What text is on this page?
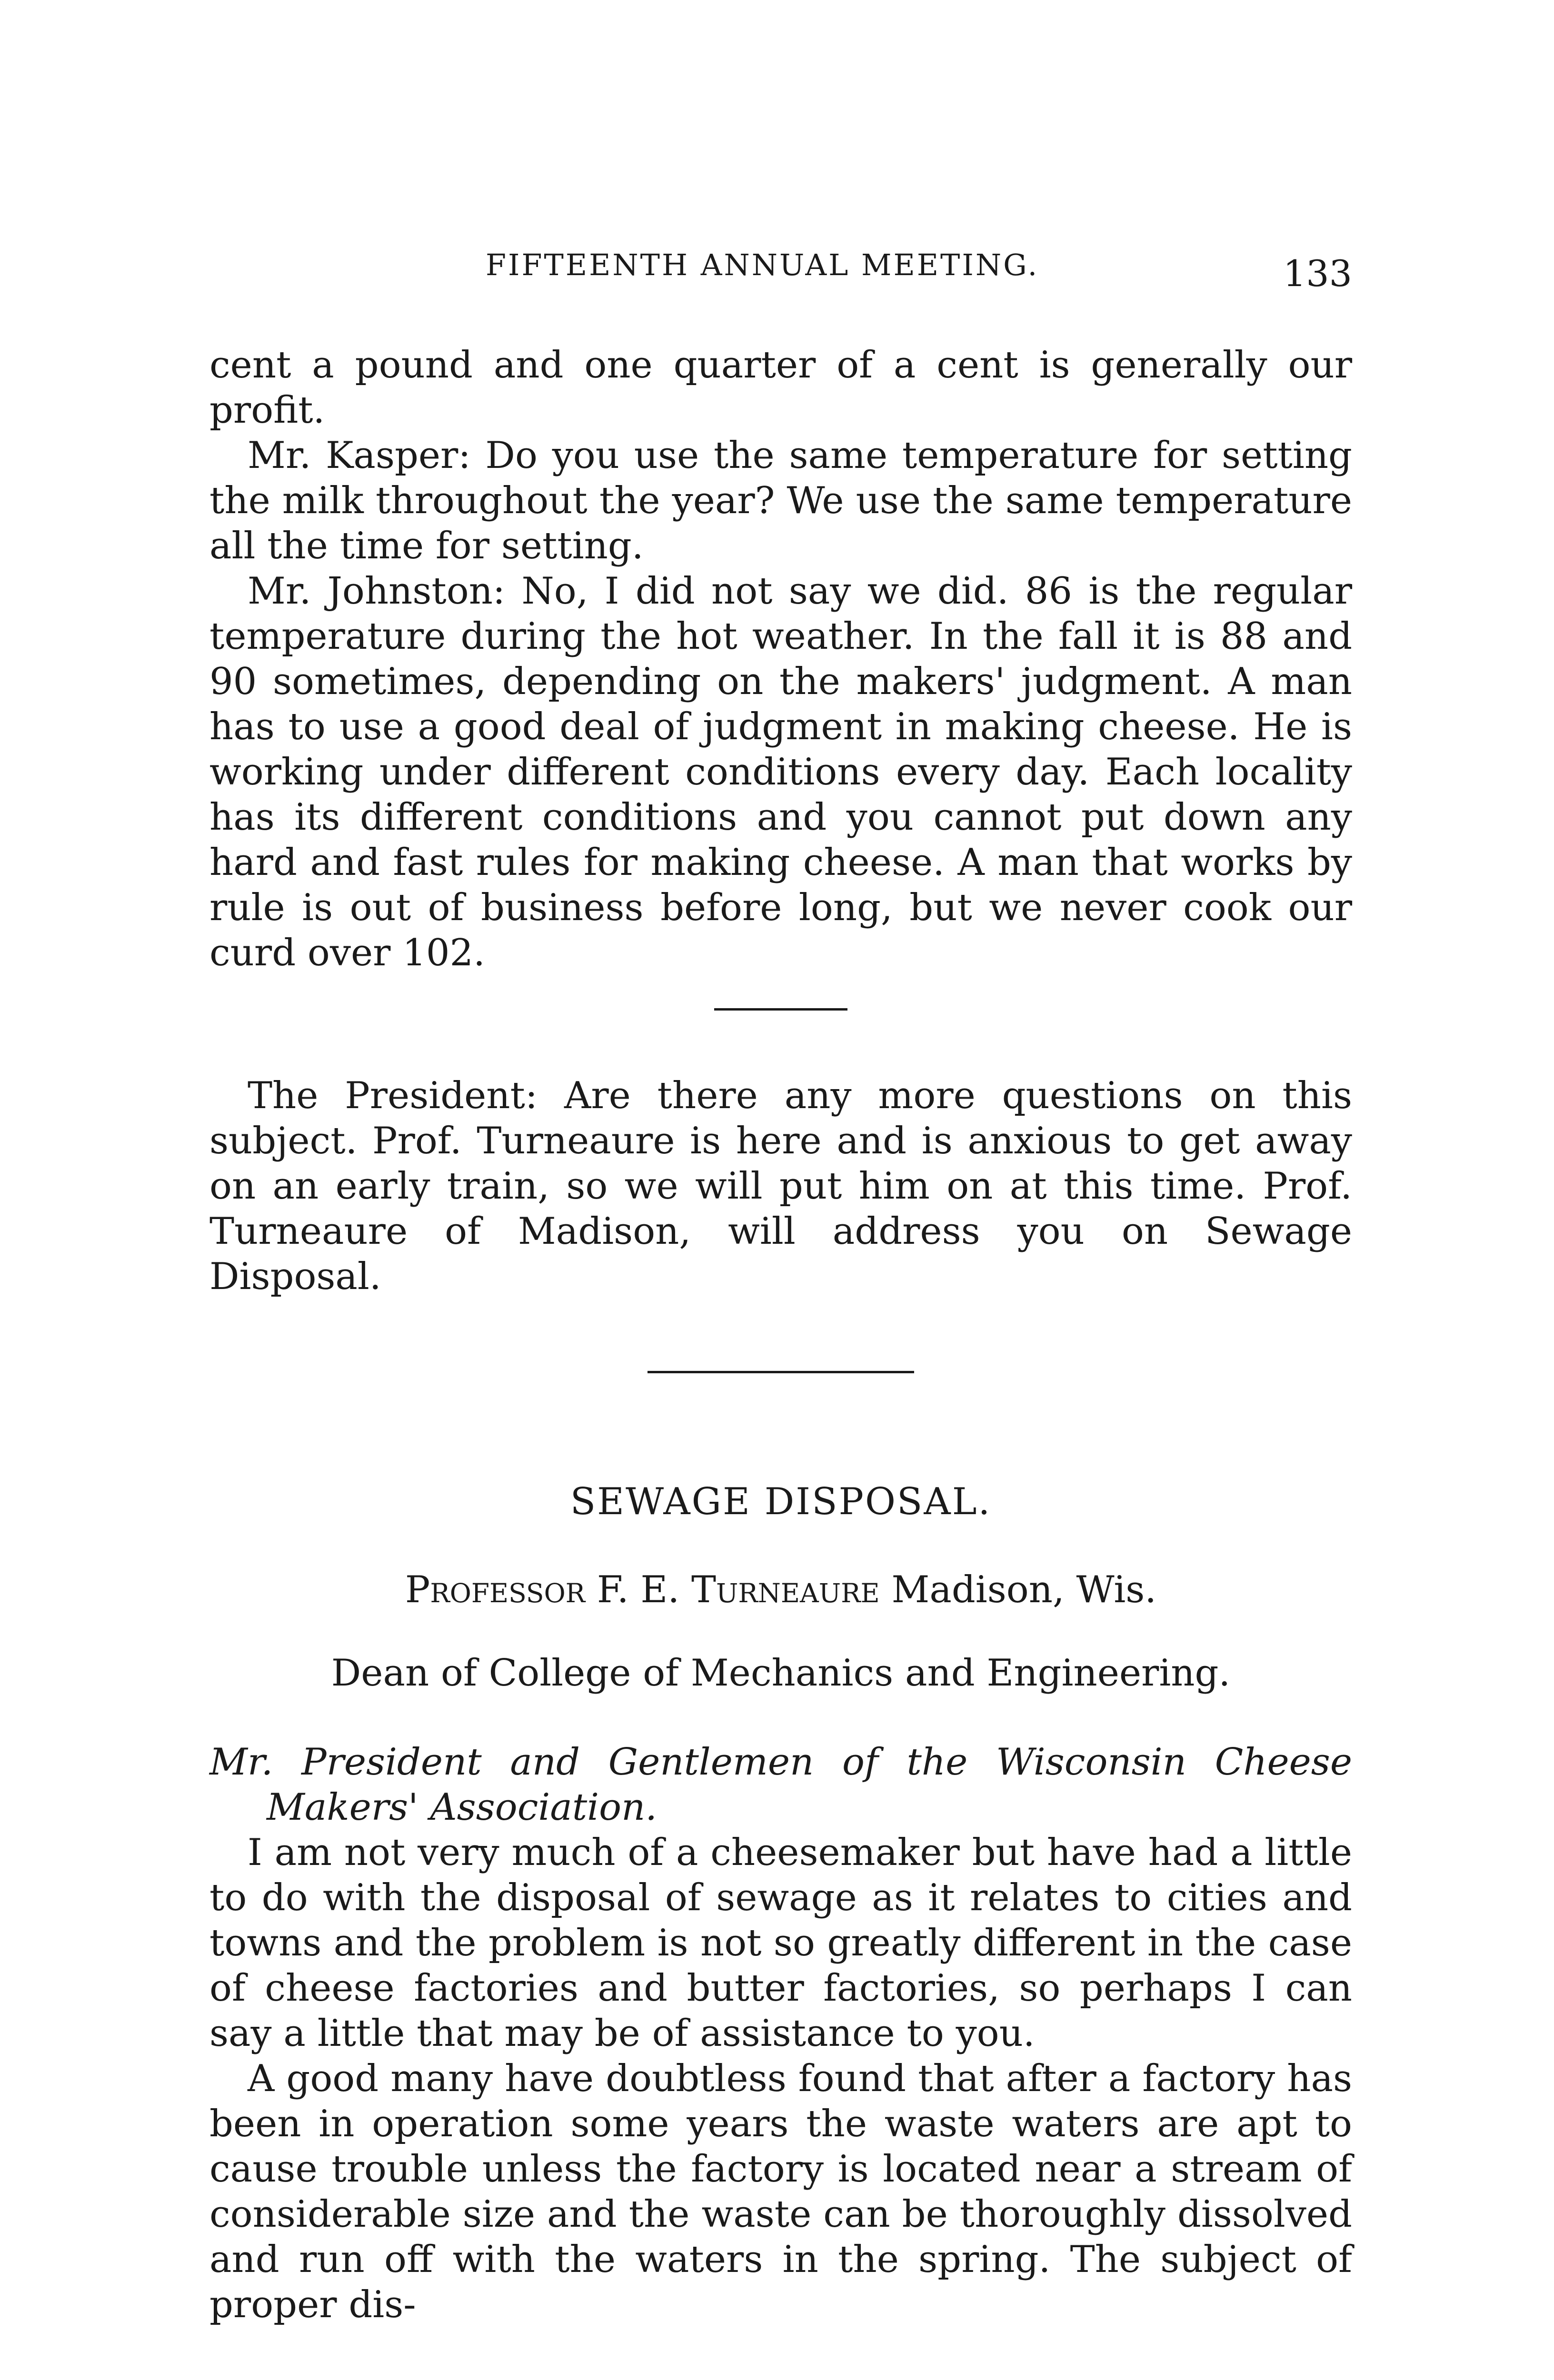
FIFTEENTH ANNUAL MEETING.	133

cent a pound and one quarter of a cent is generally our profit.

Mr. Kasper: Do you use the same temperature for setting the milk throughout the year? We use the same temperature all the time for setting.

Mr. Johnston: No, I did not say we did. 86 is the regular temperature during the hot weather. In the fall it is 88 and 90 sometimes, depending on the makers' judgment. A man has to use a good deal of judgment in making cheese. He is working under different conditions every day. Each locality has its different conditions and you cannot put down any hard and fast rules for making cheese. A man that works by rule is out of business before long, but we never cook our curd over 102.

The President: Are there any more questions on this subject. Prof. Turneaure is here and is anxious to get away on an early train, so we will put him on at this time. Prof. Turneaure of Madison, will address you on Sewage Disposal.

SEWAGE DISPOSAL.
Professor F. E. Turneaure Madison, Wis.
Dean of College of Mechanics and Engineering.

Mr. President and Gentlemen of the Wisconsin Cheese Makers' Association.

I am not very much of a cheesemaker but have had a little to do with the disposal of sewage as it relates to cities and towns and the problem is not so greatly different in the case of cheese factories and butter factories, so perhaps I can say a little that may be of assistance to you.

A good many have doubtless found that after a factory has been in operation some years the waste waters are apt to cause trouble unless the factory is located near a stream of considerable size and the waste can be thoroughly dissolved and run off with the waters in the spring. The subject of proper dis-
